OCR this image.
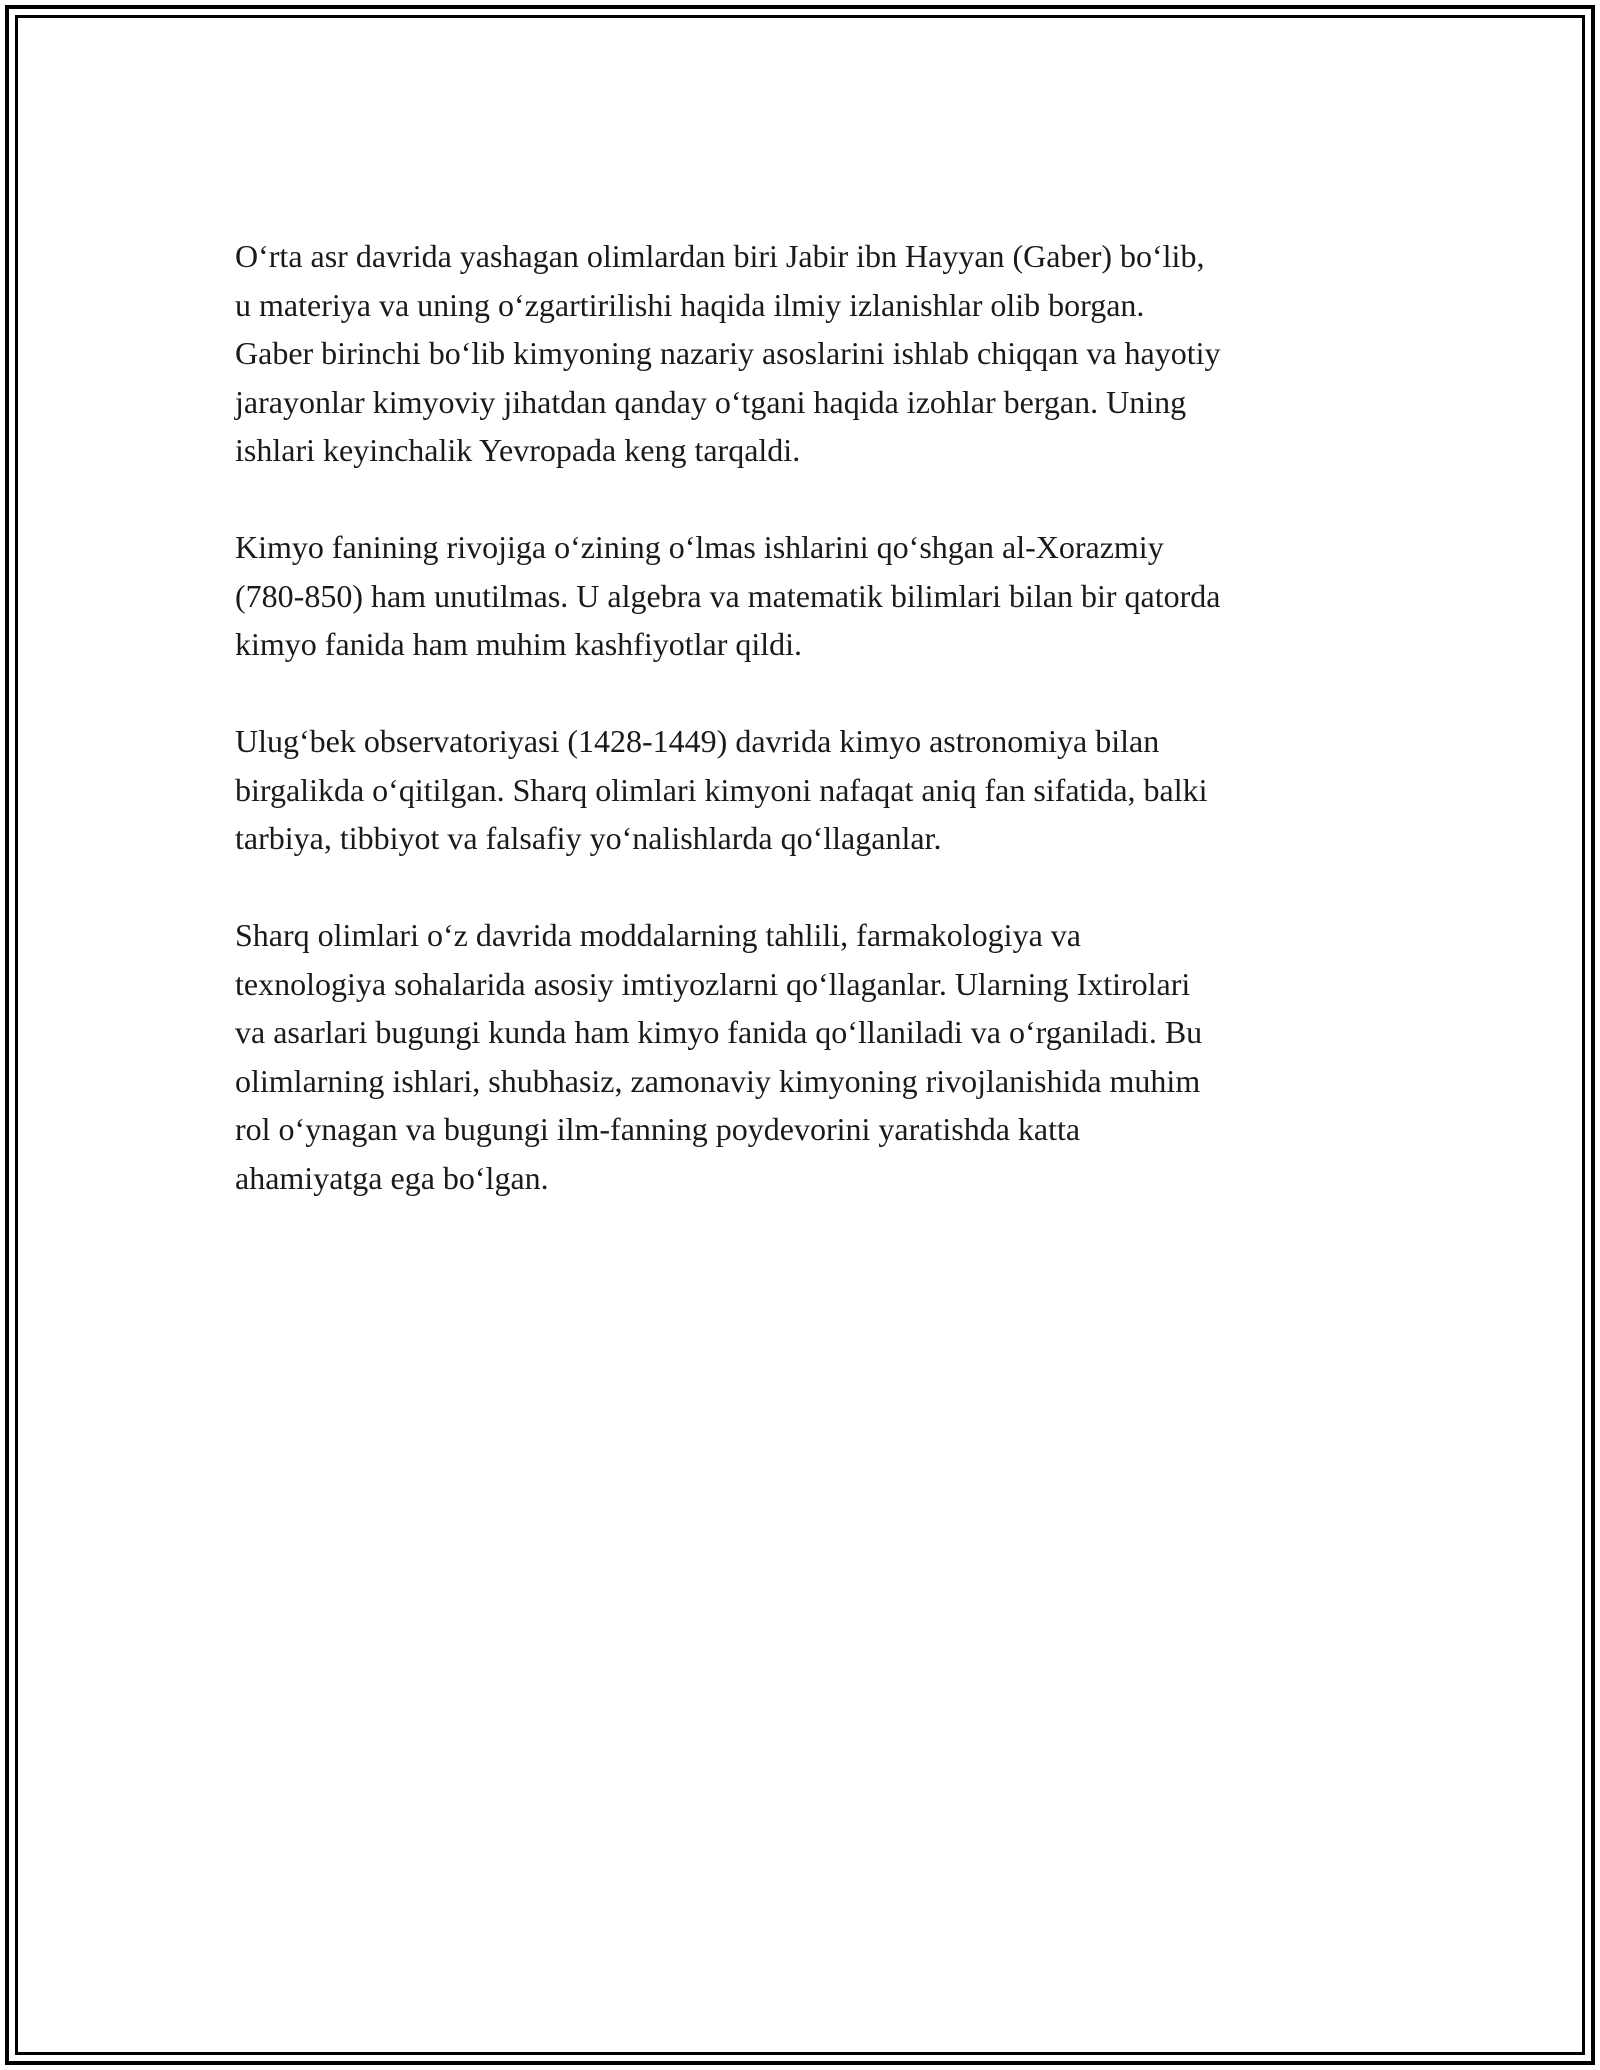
O‘rta asr davrida yashagan olimlardan biri Jabir ibn Hayyan (Gaber) bo‘lib,
u materiya va uning o‘zgartirilishi haqida ilmiy izlanishlar olib borgan.
Gaber birinchi bo‘lib kimyoning nazariy asoslarini ishlab chiqqan va hayotiy
jarayonlar kimyoviy jihatdan qanday o‘tgani haqida izohlar bergan. Uning
ishlari keyinchalik Yevropada keng tarqaldi.

Kimyo fanining rivojiga o‘zining o‘lmas ishlarini qo‘shgan al-Xorazmiy
(780-850) ham unutilmas. U algebra va matematik bilimlari bilan bir qatorda
kimyo fanida ham muhim kashfiyotlar qildi.

Ulug‘bek observatoriyasi (1428-1449) davrida kimyo astronomiya bilan
birgalikda o‘qitilgan. Sharq olimlari kimyoni nafaqat aniq fan sifatida, balki
tarbiya, tibbiyot va falsafiy yo‘nalishlarda qo‘llaganlar.

Sharq olimlari o‘z davrida moddalarning tahlili, farmakologiya va
texnologiya sohalarida asosiy imtiyozlarni qo‘llaganlar. Ularning Ixtirolari
va asarlari bugungi kunda ham kimyo fanida qo‘llaniladi va o‘rganiladi. Bu
olimlarning ishlari, shubhasiz, zamonaviy kimyoning rivojlanishida muhim
rol o‘ynagan va bugungi ilm-fanning poydevorini yaratishda katta
ahamiyatga ega bo‘lgan.
